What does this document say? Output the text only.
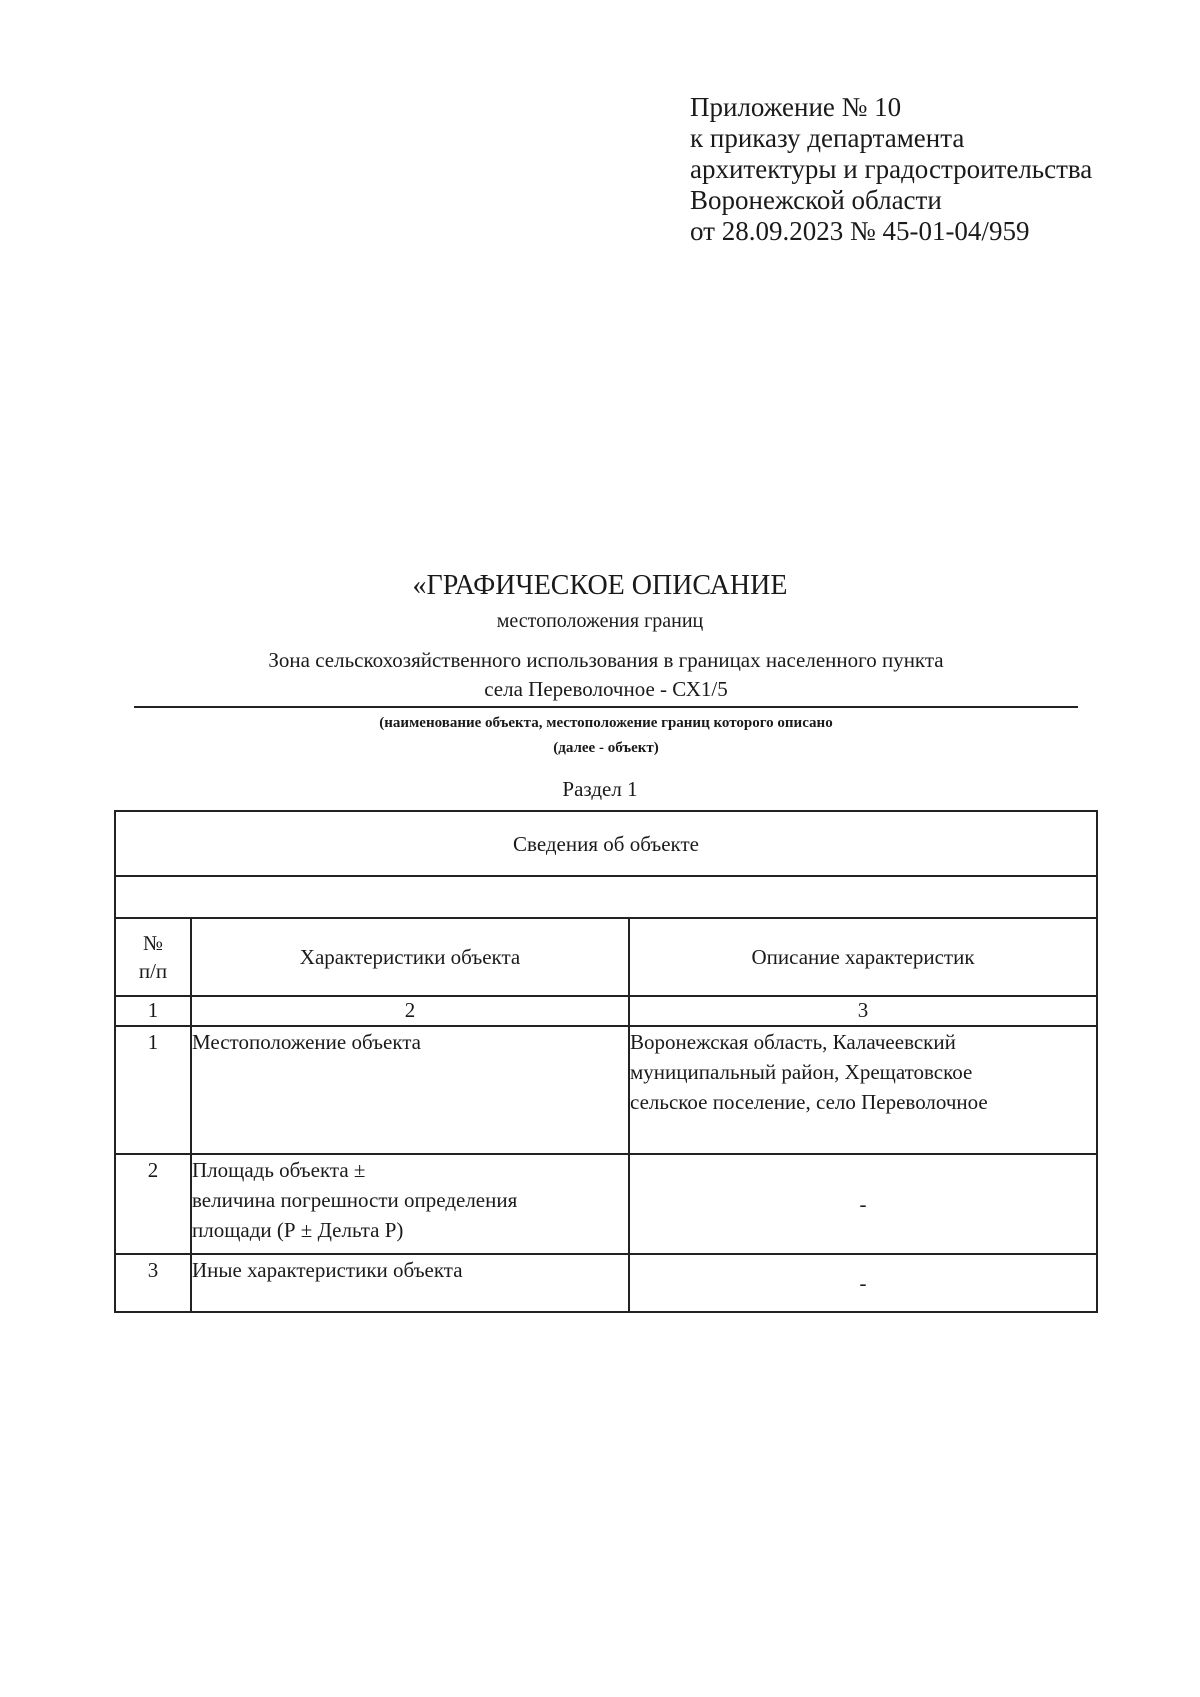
Приложение № 10
к приказу департамента
архитектуры и градостроительства
Воронежской области
от 28.09.2023 № 45-01-04/959
«ГРАФИЧЕСКОЕ ОПИСАНИЕ
местоположения границ
Зона сельскохозяйственного использования в границах населенного пункта
села Переволочное - СХ1/5
(наименование объекта, местоположение границ которого описано
(далее - объект)
Раздел 1
Сведения об объекте		

№
п/п	Характеристики объекта	Описание характеристик
1	2	3
1	Местоположение объекта	Воронежская область, Калачеевский
муниципальный район, Хрещатовское
сельское поселение, село Переволочное

2	Площадь объекта ±
величина погрешности определения
площади (Р ± Дельта Р)	-
3	Иные характеристики объекта	-
